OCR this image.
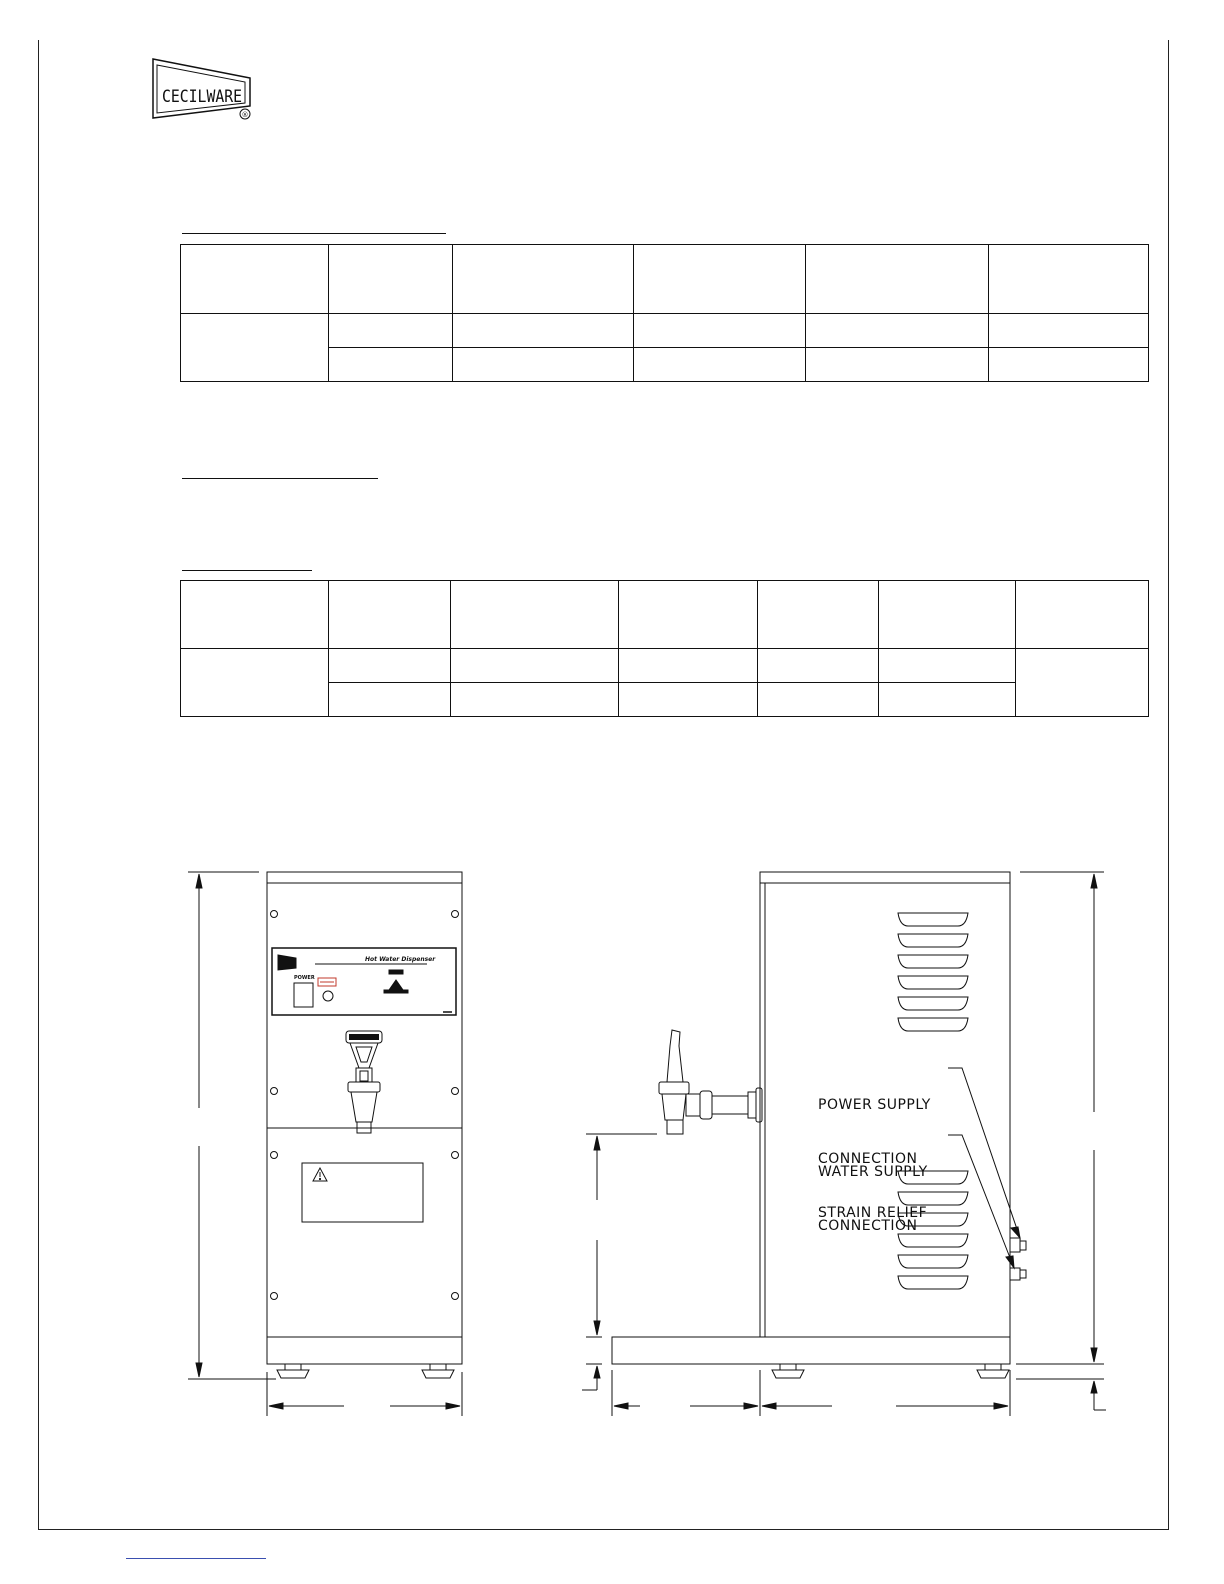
CECILWARE
®

Hot Water Dispenser
POWER

POWER SUPPLY

CONNECTION

STRAIN RELIEF

WATER SUPPLY

CONNECTION
